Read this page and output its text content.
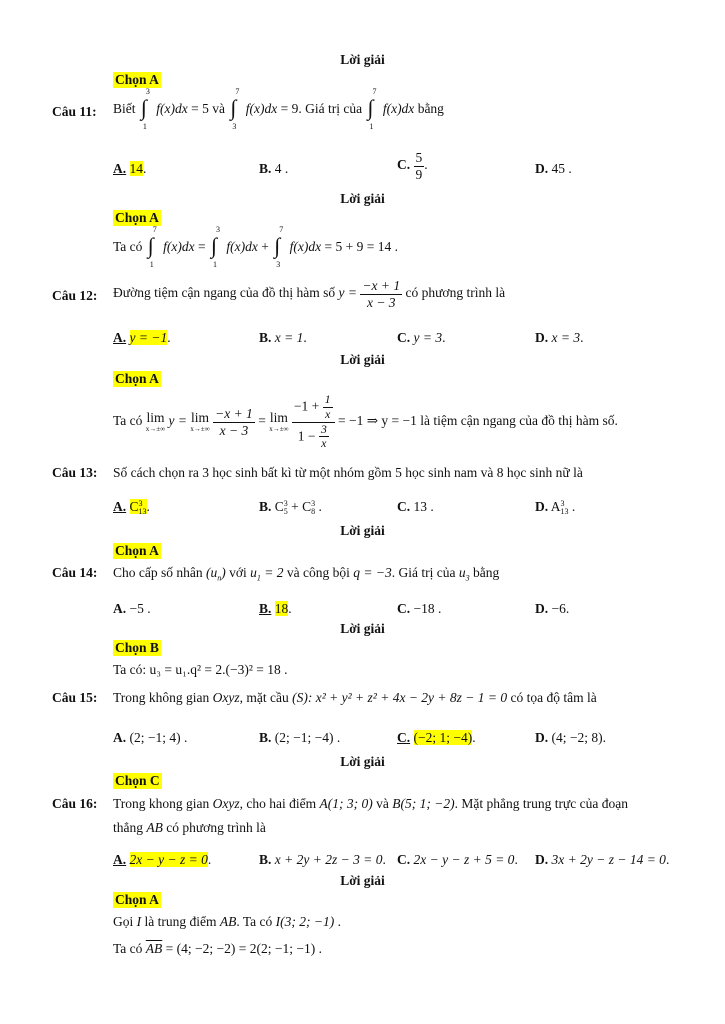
Lời giải
Chọn A
Câu 11: Biết ∫
3
1
f(x)dx = 5 và ∫
7
3
f(x)dx = 9. Giá trị của ∫
7
1
f(x)dx bằng
A. 14.	B. 4 .	C. $\frac{5}{9}$ .	D. 45 .
Lời giải
Chọn A
Ta có ∫
7
1
f(x)dx = ∫
3
1
f(x)dx + ∫
7
3
f(x)dx = 5 + 9 = 14 .
Câu 12: Đường tiệm cận ngang của đồ thị hàm số $y = \frac{-x + 1}{x - 3}$ có phương trình là
A. y = −1.	B. x = 1.	C. y = 3.	D. x = 3.
Lời giải
Chọn A
Ta có lim
x→±∞
y = lim
x→±∞
$\frac{-x + 1}{x - 3} = \lim$
x→±∞
$\frac{-1 + \frac{1}{x}}{1 - \frac{3}{x}} = -1$ ⇒ y = −1 là tiệm cận ngang của đồ thị hàm số.
Câu 13: Số cách chọn ra 3 học sinh bất kì từ một nhóm gồm 5 học sinh nam và 8 học sinh nữ là
A. C 3
13 .	B. C 3
5 + C 3
8 .	C. 13 .	D. A 3
13 .
Lời giải
Chọn A
Câu 14: Cho cấp số nhân $(u_n)$ với $u_1 = 2$ và công bội q = −3. Giá trị của $u_3$ bằng
A. −5 .	B. 18.	C. −18 .	D. −6.
Lời giải
Chọn B
Ta có: u₃ = u₁.q² = 2.(−3)² = 18 .
Câu 15: Trong không gian Oxyz, mặt cầu (S): x² + y² + z² + 4x − 2y + 8z − 1 = 0 có tọa độ tâm là
A. (2; −1; 4) .	B. (2; −1; −4) .	C. (−2; 1; −4).	D. (4; −2; 8).
Lời giải
Chọn C
Câu 16: Trong khong gian Oxyz, cho hai điểm A(1; 3; 0) và B(5; 1; −2). Mặt phẳng trung trực của đoạn
thẳng AB có phương trình là
A. 2x − y − z = 0.	B. x + 2y + 2z − 3 = 0. C. 2x − y − z + 5 = 0. D. 3x + 2y − z − 14 = 0.
Lời giải
Chọn A
Gọi I là trung điểm AB. Ta có I(3; 2; −1) .
Ta có $\overline{AB} = (4$; −2; −2) = 2(2; −1; −1) .
